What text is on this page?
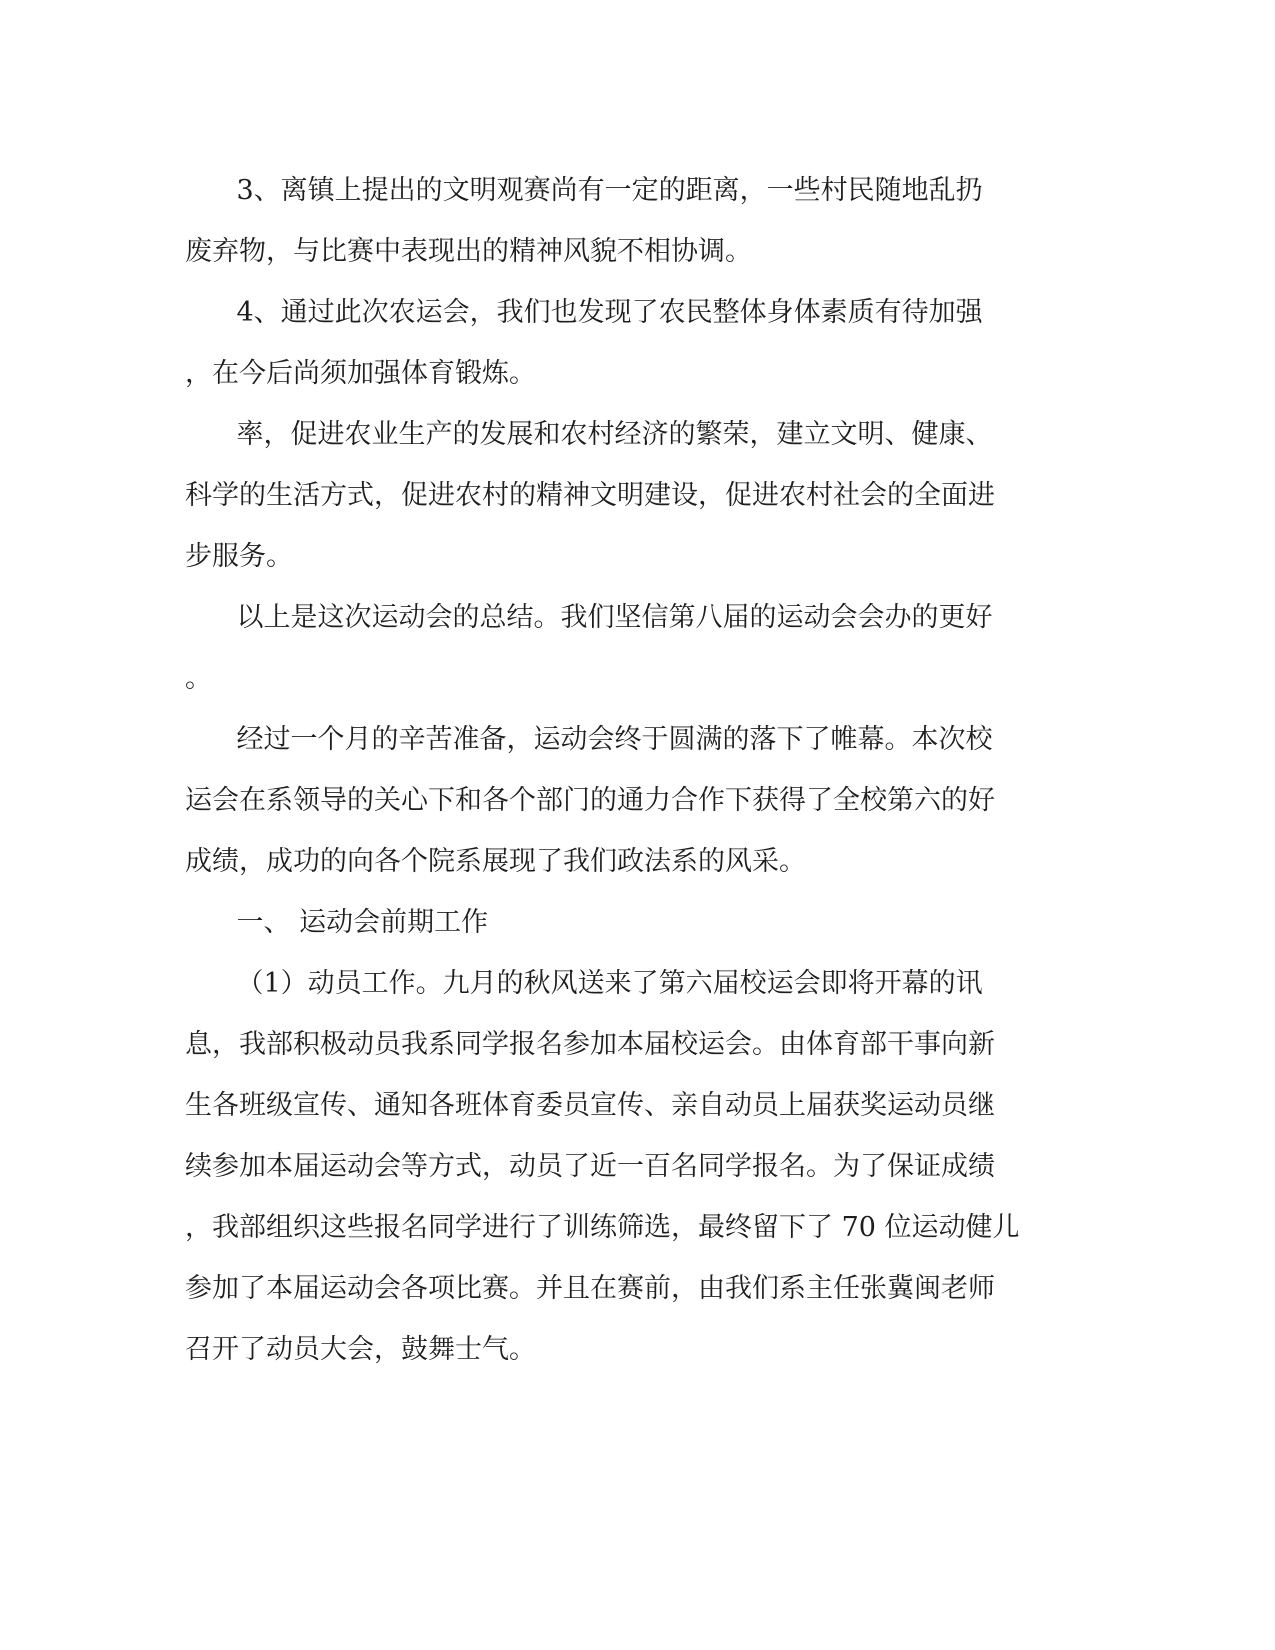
3、离镇上提出的文明观赛尚有一定的距离，一些村民随地乱扔
废弃物，与比赛中表现出的精神风貌不相协调。
4、通过此次农运会，我们也发现了农民整体身体素质有待加强
，在今后尚须加强体育锻炼。
率，促进农业生产的发展和农村经济的繁荣，建立文明、健康、
科学的生活方式，促进农村的精神文明建设，促进农村社会的全面进
步服务。
以上是这次运动会的总结。我们坚信第八届的运动会会办的更好
。
经过一个月的辛苦准备，运动会终于圆满的落下了帷幕。本次校
运会在系领导的关心下和各个部门的通力合作下获得了全校第六的好
成绩，成功的向各个院系展现了我们政法系的风采。
一、 运动会前期工作
（1）动员工作。九月的秋风送来了第六届校运会即将开幕的讯
息，我部积极动员我系同学报名参加本届校运会。由体育部干事向新
生各班级宣传、通知各班体育委员宣传、亲自动员上届获奖运动员继
续参加本届运动会等方式，动员了近一百名同学报名。为了保证成绩
，我部组织这些报名同学进行了训练筛选，最终留下了 70 位运动健儿
参加了本届运动会各项比赛。并且在赛前，由我们系主任张冀闽老师
召开了动员大会，鼓舞士气。
